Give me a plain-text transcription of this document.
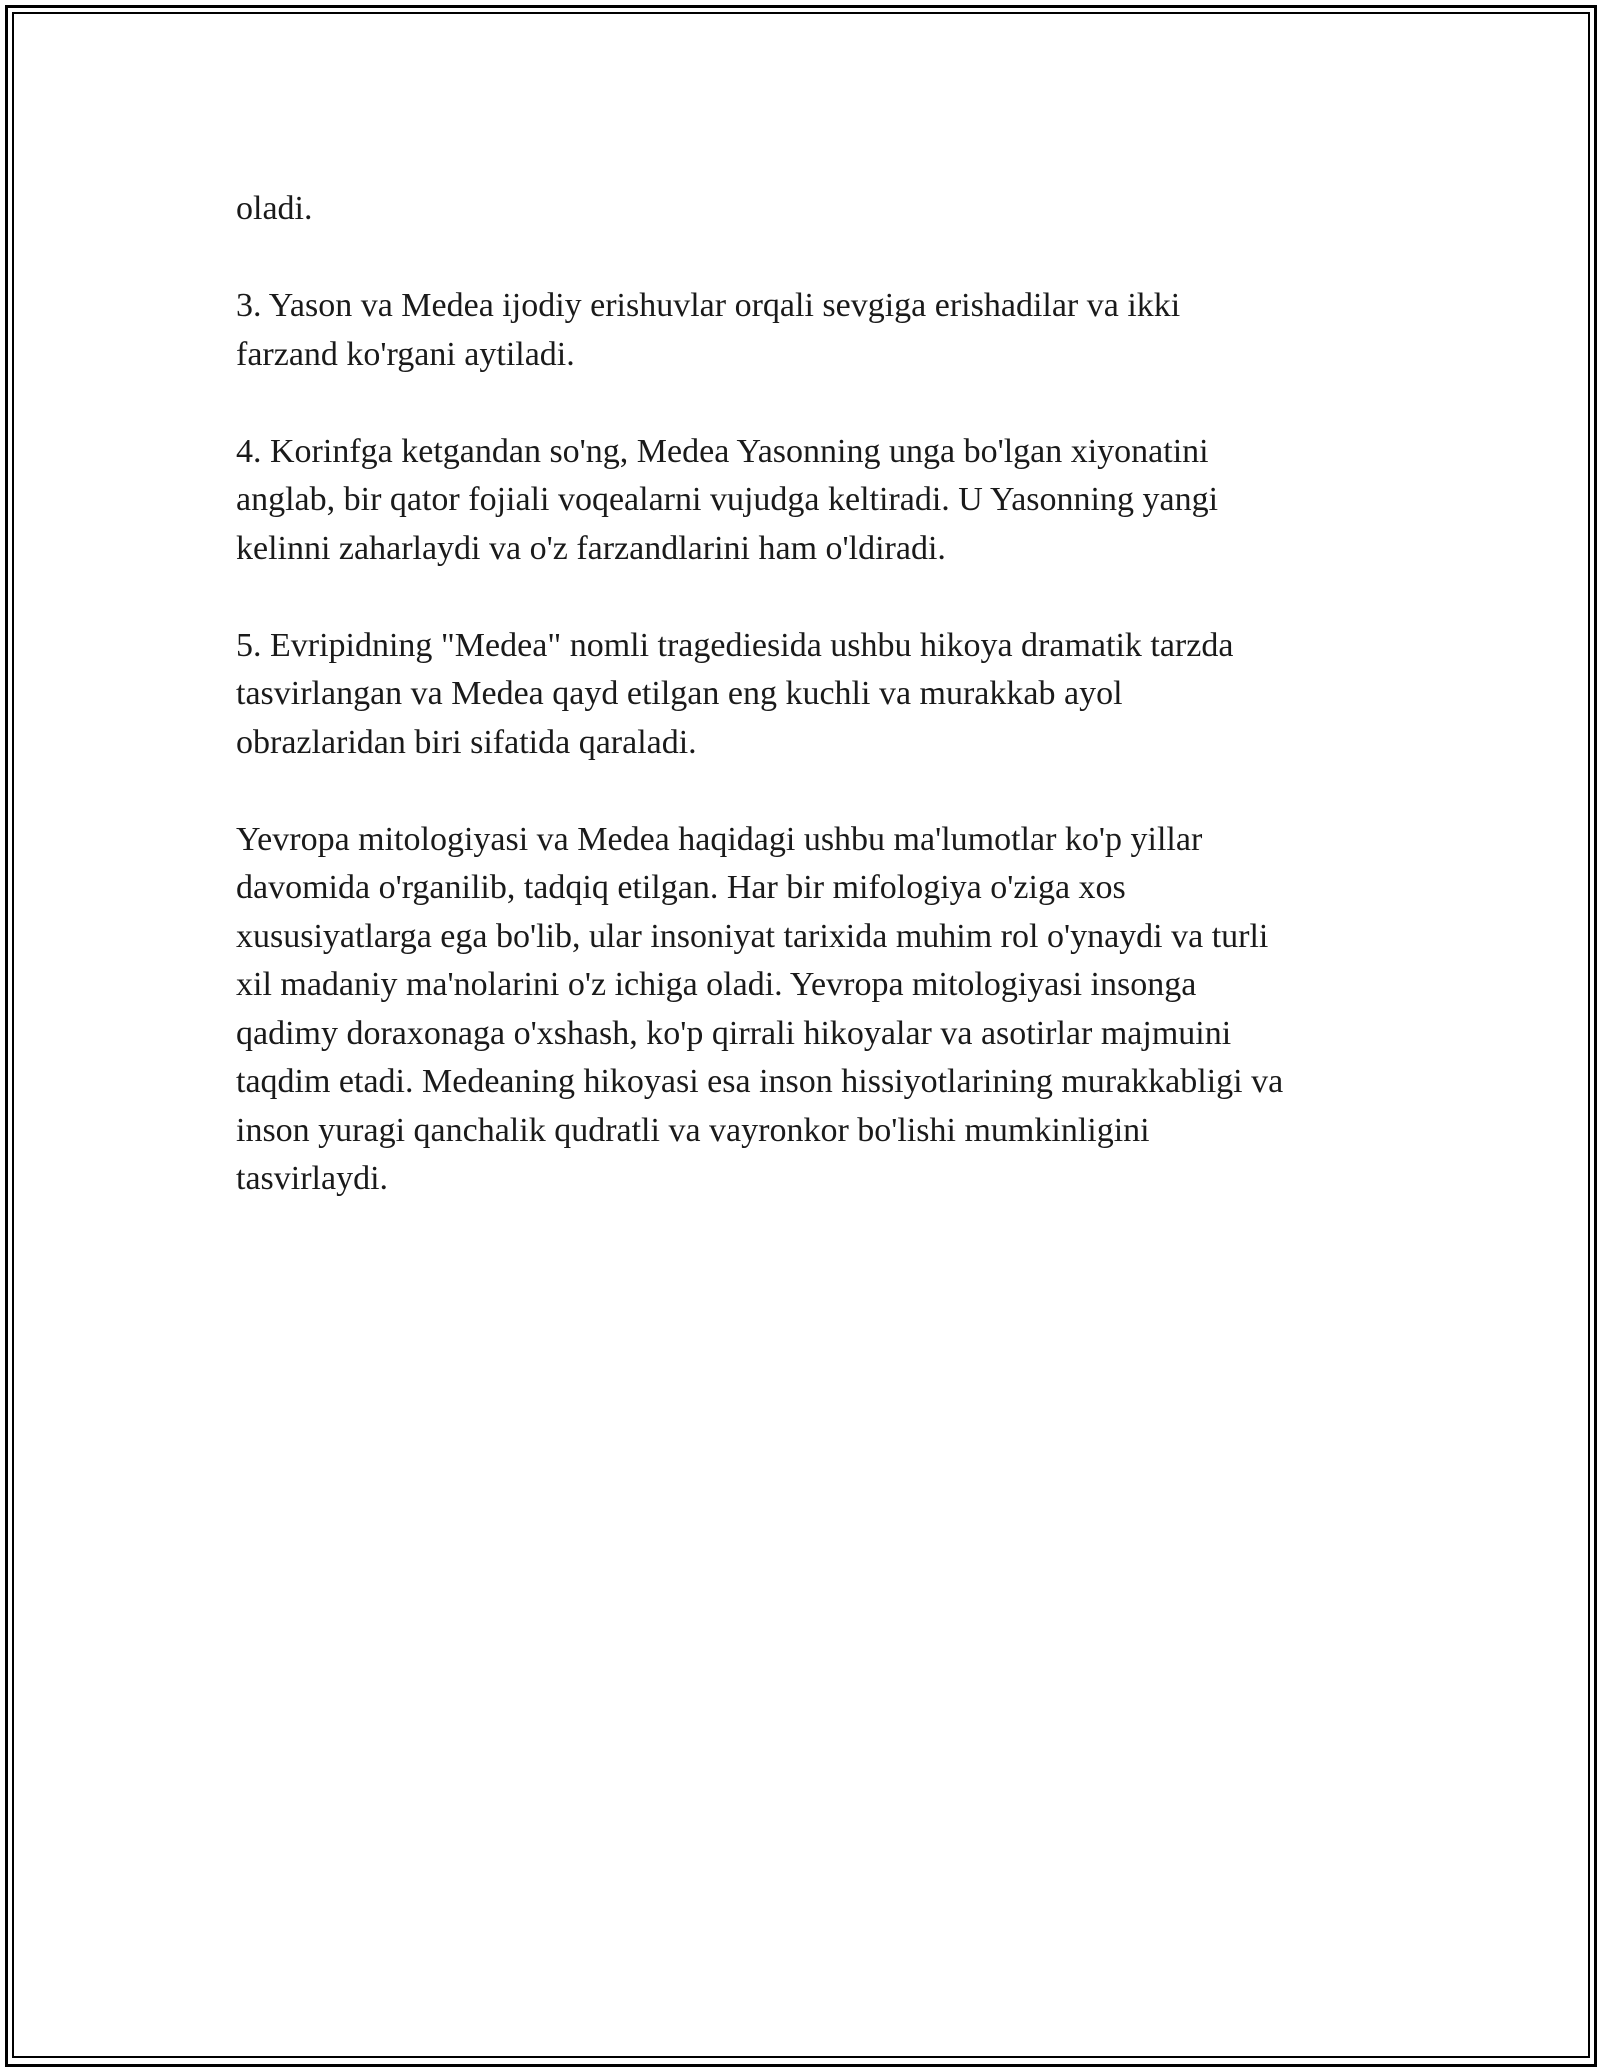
oladi.

3. Yason va Medea ijodiy erishuvlar orqali sevgiga erishadilar va ikki
farzand ko'rgani aytiladi.

4. Korinfga ketgandan so'ng, Medea Yasonning unga bo'lgan xiyonatini
anglab, bir qator fojiali voqealarni vujudga keltiradi. U Yasonning yangi
kelinni zaharlaydi va o'z farzandlarini ham o'ldiradi.

5. Evripidning "Medea" nomli tragediesida ushbu hikoya dramatik tarzda
tasvirlangan va Medea qayd etilgan eng kuchli va murakkab ayol
obrazlaridan biri sifatida qaraladi.

Yevropa mitologiyasi va Medea haqidagi ushbu ma'lumotlar ko'p yillar
davomida o'rganilib, tadqiq etilgan. Har bir mifologiya o'ziga xos
xususiyatlarga ega bo'lib, ular insoniyat tarixida muhim rol o'ynaydi va turli
xil madaniy ma'nolarini o'z ichiga oladi. Yevropa mitologiyasi insonga
qadimy doraxonaga o'xshash, ko'p qirrali hikoyalar va asotirlar majmuini
taqdim etadi. Medeaning hikoyasi esa inson hissiyotlarining murakkabligi va
inson yuragi qanchalik qudratli va vayronkor bo'lishi mumkinligini
tasvirlaydi.
